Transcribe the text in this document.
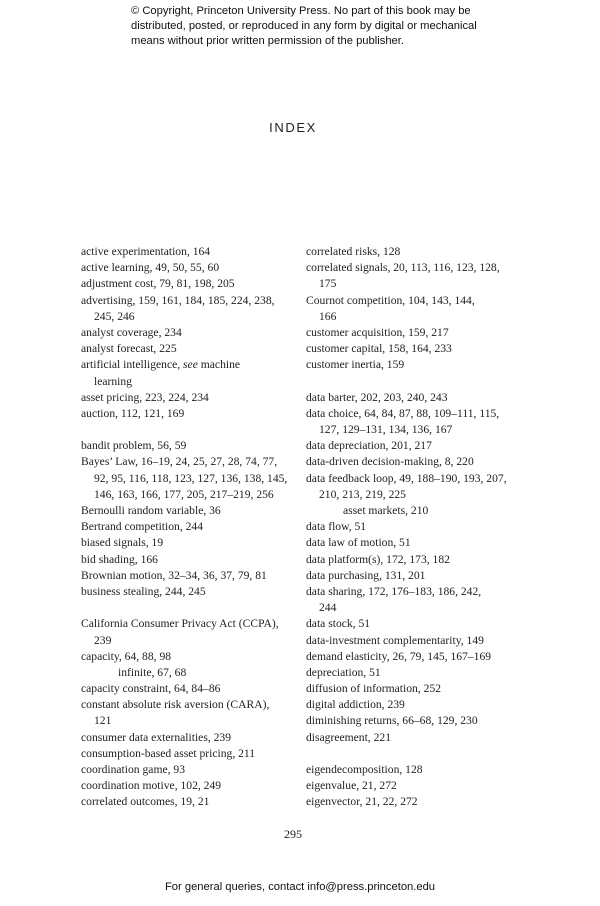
© Copyright, Princeton University Press. No part of this book may be
distributed, posted, or reproduced in any form by digital or mechanical
means without prior written permission of the publisher.
INDEX
active experimentation, 164
active learning, 49, 50, 55, 60
adjustment cost, 79, 81, 198, 205
advertising, 159, 161, 184, 185, 224, 238,
245, 246
analyst coverage, 234
analyst forecast, 225
artificial intelligence, see machine
learning
asset pricing, 223, 224, 234
auction, 112, 121, 169
bandit problem, 56, 59
Bayes’ Law, 16–19, 24, 25, 27, 28, 74, 77,
92, 95, 116, 118, 123, 127, 136, 138, 145,
146, 163, 166, 177, 205, 217–219, 256
Bernoulli random variable, 36
Bertrand competition, 244
biased signals, 19
bid shading, 166
Brownian motion, 32–34, 36, 37, 79, 81
business stealing, 244, 245
California Consumer Privacy Act (CCPA),
239
capacity, 64, 88, 98
infinite, 67, 68
capacity constraint, 64, 84–86
constant absolute risk aversion (CARA),
121
consumer data externalities, 239
consumption-based asset pricing, 211
coordination game, 93
coordination motive, 102, 249
correlated outcomes, 19, 21
correlated risks, 128
correlated signals, 20, 113, 116, 123, 128,
175
Cournot competition, 104, 143, 144,
166
customer acquisition, 159, 217
customer capital, 158, 164, 233
customer inertia, 159
data barter, 202, 203, 240, 243
data choice, 64, 84, 87, 88, 109–111, 115,
127, 129–131, 134, 136, 167
data depreciation, 201, 217
data-driven decision-making, 8, 220
data feedback loop, 49, 188–190, 193, 207,
210, 213, 219, 225
asset markets, 210
data flow, 51
data law of motion, 51
data platform(s), 172, 173, 182
data purchasing, 131, 201
data sharing, 172, 176–183, 186, 242,
244
data stock, 51
data-investment complementarity, 149
demand elasticity, 26, 79, 145, 167–169
depreciation, 51
diffusion of information, 252
digital addiction, 239
diminishing returns, 66–68, 129, 230
disagreement, 221
eigendecomposition, 128
eigenvalue, 21, 272
eigenvector, 21, 22, 272
295
For general queries, contact info@press.princeton.edu
